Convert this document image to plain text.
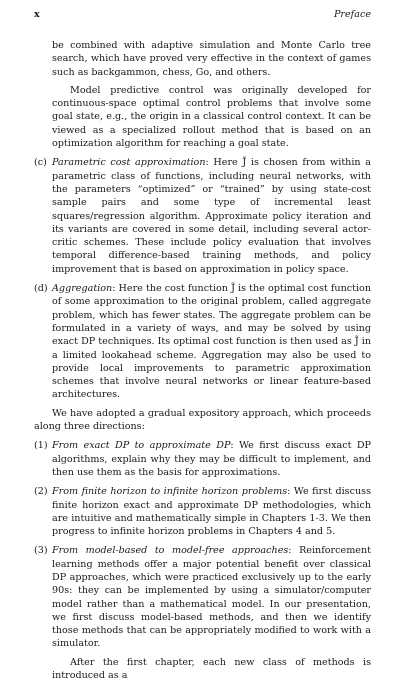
x	Preface

be combined with adaptive simulation and Monte Carlo tree search, which have proved very effective in the context of games such as backgammon, chess, Go, and others.

Model predictive control was originally developed for continuous-space optimal control problems that involve some goal state, e.g., the origin in a classical control context. It can be viewed as a specialized rollout method that is based on an optimization algorithm for reaching a goal state.

(c) Parametric cost approximation: Here J̃ is chosen from within a parametric class of functions, including neural networks, with the parameters “optimized” or “trained” by using state-cost sample pairs and some type of incremental least squares/regression algorithm. Approximate policy iteration and its variants are covered in some detail, including several actor-critic schemes. These include policy evaluation that involves temporal difference-based training methods, and policy improvement that is based on approximation in policy space.
(d) Aggregation: Here the cost function J̃ is the optimal cost function of some approximation to the original problem, called aggregate problem, which has fewer states. The aggregate problem can be formulated in a variety of ways, and may be solved by using exact DP techniques. Its optimal cost function is then used as J̃ in a limited lookahead scheme. Aggregation may also be used to provide local improvements to parametric approximation schemes that involve neural networks or linear feature-based architectures.

We have adopted a gradual expository approach, which proceeds along three directions:

(1) From exact DP to approximate DP: We first discuss exact DP algorithms, explain why they may be difficult to implement, and then use them as the basis for approximations.
(2) From finite horizon to infinite horizon problems: We first discuss finite horizon exact and approximate DP methodologies, which are intuitive and mathematically simple in Chapters 1-3. We then progress to infinite horizon problems in Chapters 4 and 5.
(3) From model-based to model-free approaches: Reinforcement learning methods offer a major potential benefit over classical DP approaches, which were practiced exclusively up to the early 90s: they can be implemented by using a simulator/computer model rather than a mathematical model. In our presentation, we first discuss model-based methods, and then we identify those methods that can be appropriately modified to work with a simulator.

After the first chapter, each new class of methods is introduced as a
